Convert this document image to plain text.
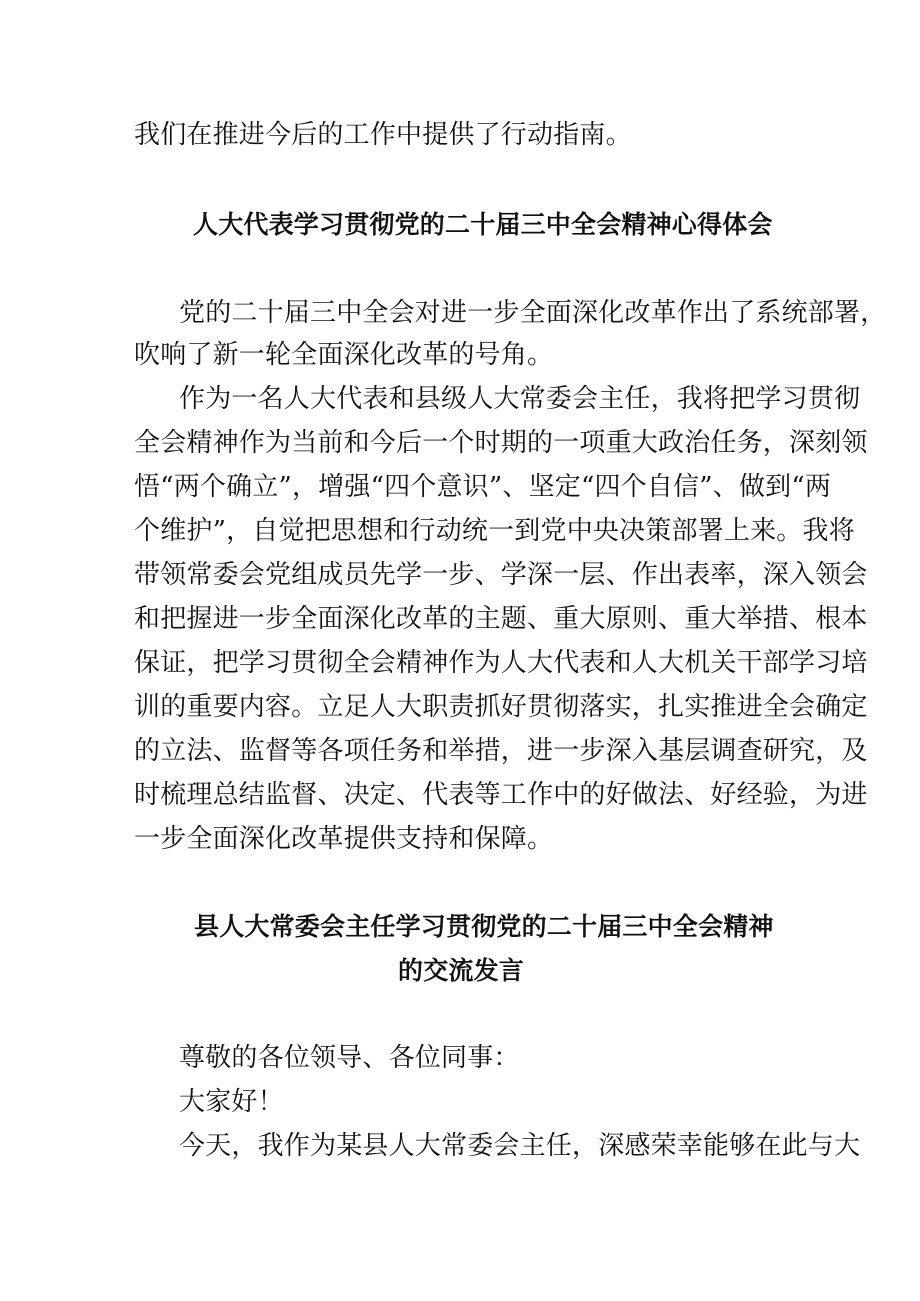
我们在推进今后的工作中提供了行动指南。
人大代表学习贯彻党的二十届三中全会精神心得体会
党的二十届三中全会对进一步全面深化改革作出了系统部署，
吹响了新一轮全面深化改革的号角。
作为一名人大代表和县级人大常委会主任，我将把学习贯彻
全会精神作为当前和今后一个时期的一项重大政治任务，深刻领
悟“两个确立”，增强“四个意识”、坚定“四个自信”、做到“两
个维护”，自觉把思想和行动统一到党中央决策部署上来。我将
带领常委会党组成员先学一步、学深一层、作出表率，深入领会
和把握进一步全面深化改革的主题、重大原则、重大举措、根本
保证，把学习贯彻全会精神作为人大代表和人大机关干部学习培
训的重要内容。立足人大职责抓好贯彻落实，扎实推进全会确定
的立法、监督等各项任务和举措，进一步深入基层调查研究，及
时梳理总结监督、决定、代表等工作中的好做法、好经验，为进
一步全面深化改革提供支持和保障。
县人大常委会主任学习贯彻党的二十届三中全会精神
的交流发言
尊敬的各位领导、各位同事：
大家好！
今天，我作为某县人大常委会主任，深感荣幸能够在此与大
